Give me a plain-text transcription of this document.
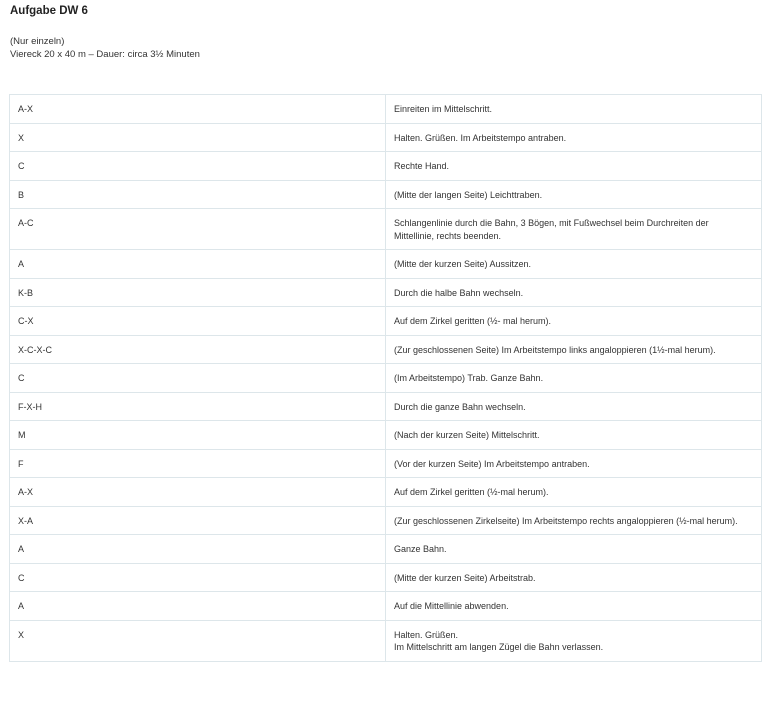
Aufgabe DW 6
(Nur einzeln)
Viereck 20 x 40 m – Dauer: circa 3½ Minuten
A-X	Einreiten im Mittelschritt.
X	Halten. Grüßen. Im Arbeitstempo antraben.
C	Rechte Hand.
B	(Mitte der langen Seite) Leichttraben.
A-C	Schlangenlinie durch die Bahn, 3 Bögen, mit Fußwechsel beim Durchreiten der Mittellinie, rechts beenden.
A	(Mitte der kurzen Seite) Aussitzen.
K-B	Durch die halbe Bahn wechseln.
C-X	Auf dem Zirkel geritten (½- mal herum).
X-C-X-C	(Zur geschlossenen Seite) Im Arbeitstempo links angaloppieren (1½-mal herum).
C	(Im Arbeitstempo) Trab. Ganze Bahn.
F-X-H	Durch die ganze Bahn wechseln.
M	(Nach der kurzen Seite) Mittelschritt.
F	(Vor der kurzen Seite) Im Arbeitstempo antraben.
A-X	Auf dem Zirkel geritten (½-mal herum).
X-A	(Zur geschlossenen Zirkelseite) Im Arbeitstempo rechts angaloppieren (½-mal herum).
A	Ganze Bahn.
C	(Mitte der kurzen Seite) Arbeitstrab.
A	Auf die Mittellinie abwenden.
X	Halten. Grüßen.
Im Mittelschritt am langen Zügel die Bahn verlassen.
